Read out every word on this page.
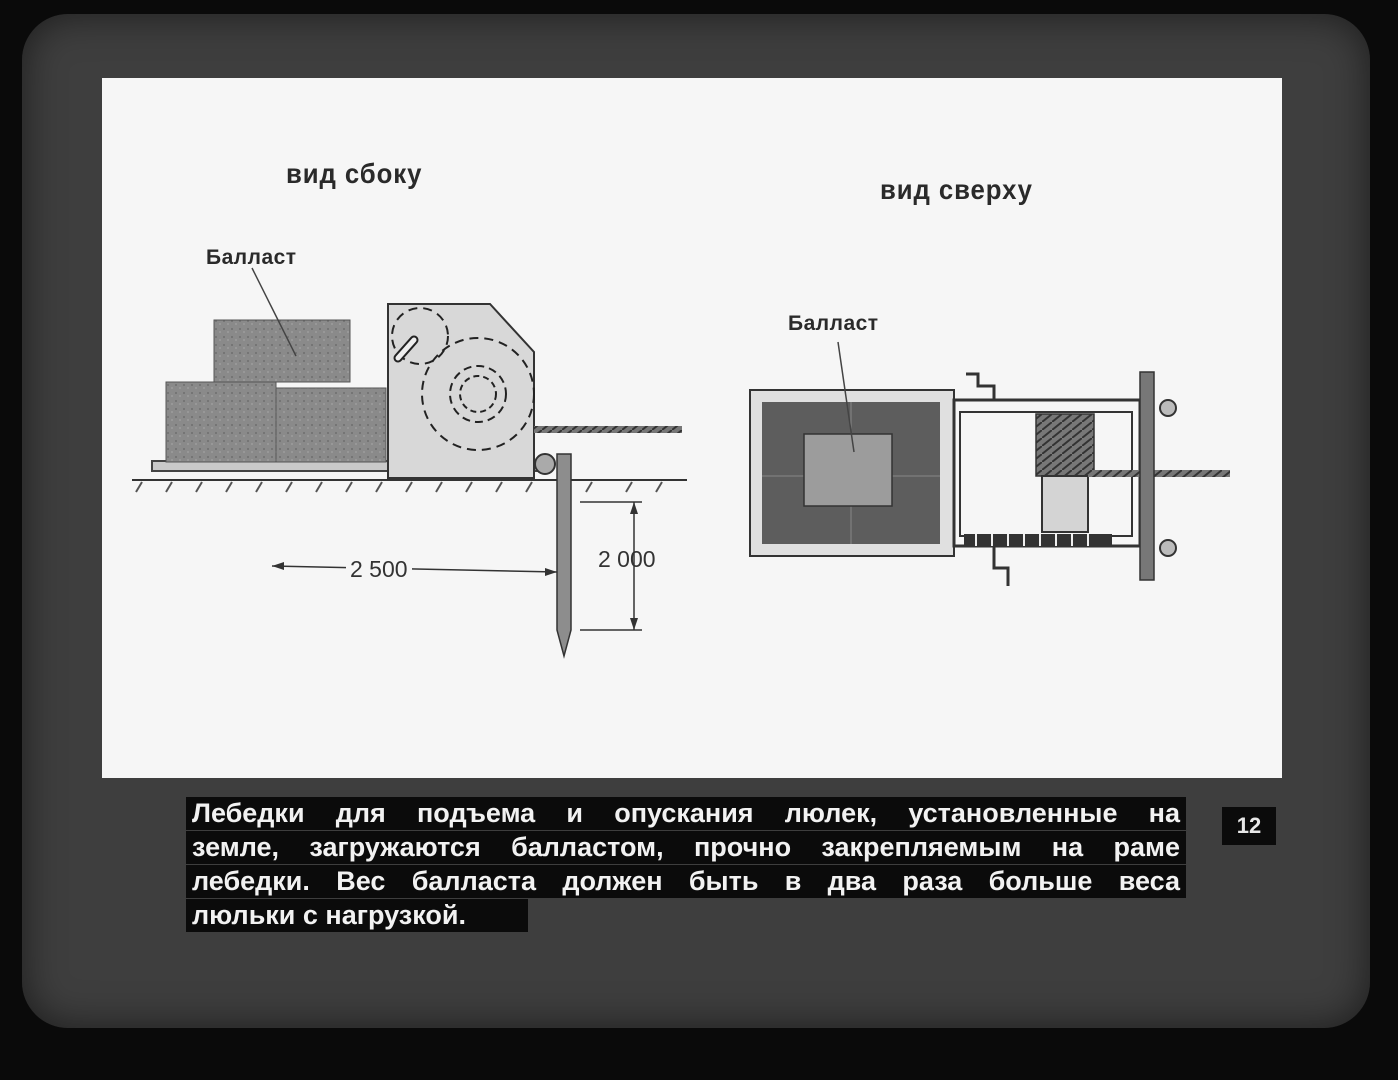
вид сбоку
вид сверху
Балласт
Балласт
2 500	2 000
Лебедки для подъема и опускания люлек, установленные на
земле, загружаются балластом, прочно закрепляемым на раме
лебедки. Вес балласта должен быть в два раза больше веса
люльки с нагрузкой.
12
